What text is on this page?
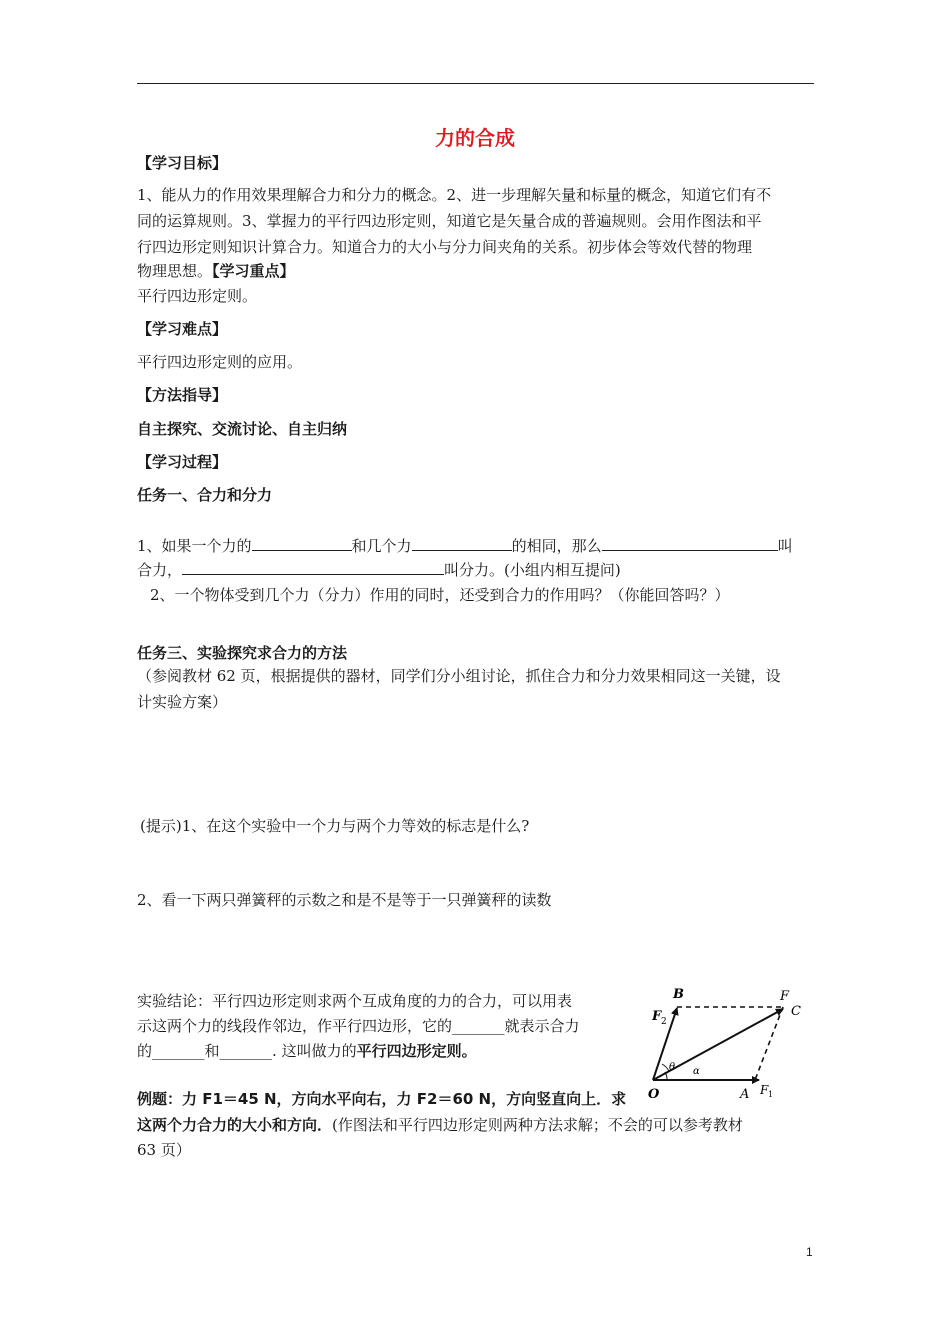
力的合成
【学习目标】
1、能从力的作用效果理解合力和分力的概念。2、进一步理解矢量和标量的概念，知道它们有不
同的运算规则。3、掌握力的平行四边形定则，知道它是矢量合成的普遍规则。会用作图法和平
行四边形定则知识计算合力。知道合力的大小与分力间夹角的关系。初步体会等效代替的物理
物理思想。【学习重点】
平行四边形定则。
【学习难点】
平行四边形定则的应用。
【方法指导】
自主探究、交流讨论、自主归纳
【学习过程】
任务一、合力和分力
1、如果一个力的	和几个力	的相同，那么	叫
合力，	叫分力。(小组内相互提问)
2、一个物体受到几个力（分力）作用的同时，还受到合力的作用吗？（你能回答吗？）
任务三、实验探究求合力的方法
（参阅教材 62 页，根据提供的器材，同学们分小组讨论，抓住合力和分力效果相同这一关键，设
计实验方案）
(提示)1、在这个实验中一个力与两个力等效的标志是什么?
2、看一下两只弹簧秤的示数之和是不是等于一只弹簧秤的读数
实验结论：平行四边形定则求两个互成角度的力的合力，可以用表
示这两个力的线段作邻边，作平行四边形，它的_______就表示合力
的_______和_______. 这叫做力的平行四边形定则。
B	F
C
F 2
θ α
O	A F 1
例题：力 F1＝45 N，方向水平向右，力 F2＝60 N，方向竖直向上．求
这两个力合力的大小和方向．(作图法和平行四边形定则两种方法求解；不会的可以参考教材
63 页）
1
